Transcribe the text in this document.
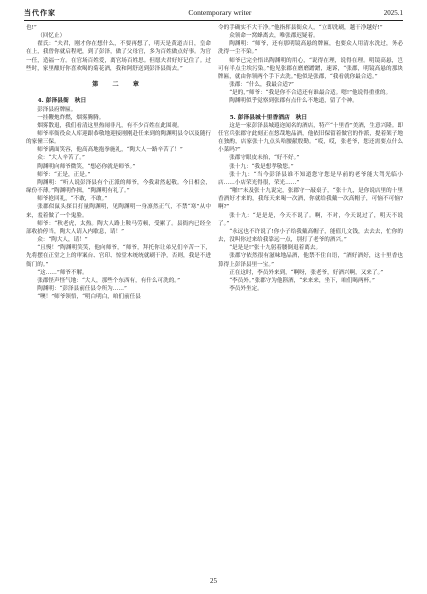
当代作家	Contemporary writer	2025.1

也!”

（回忆止）

翟氏：“夫君，刚才你在想什么，不要再想了，明天是黄道吉日，皇命在上，我曾你就启程吧，到了彭泽，做了父母官，多为百姓做点好事。为官一任，造福一方。在官场百姓爱，离官场百姓思。但愿夫君好好记住了。过些时，家里酿好你喜欢喝的菊花酒，我和阿舒送到彭泽县衙去。”

第 二 章
4. 彭泽县衙　秋日

彭泽县府牌匾。

一挂鞭炮炸燃，烟雾腾腾。

烟雾散退，我们看清这里热闹非凡，有不少百姓在此围观。

师爷率衙役众人库迎跟恭敬地迎接刚刚赴任来到的陶渊明县令以及随行的家僮三保。

师爷满面笑容，他高高地抱拳施礼，“陶大人一路辛苦了！”

众：“大人辛苦了。”

陶渊明向师爷微笑，“想必你就是师爷。”

师爷：“正是，正是。”

陶渊明：“听人说彭泽县有个正派的师爷，今我肃然起敬。今日相会，缘份不薄。”陶渊明作揖，“陶渊明有礼了。”

师爷抢回礼，“不敢，不敢。”

张郡似鼠头探目打量陶渊明，见陶渊明一身凛然正气，不禁“寒”从中来，羞着做了一个鬼脸。

师爷：“秋老虎，太热。陶大人路上鞍马劳顿，受累了。县衙内已经全部收拾停当，陶大人请入内歇息，请！”

众：“陶大人，请！”

“且慢！”陶渊明笑笑，他向师爷，“师爷，拜托你让弟兄们辛苦一下，先将摆在正堂之上的审案台、官印、惊堂木统统就刷干净，否则，我是不进衙门的。”

“这……”师爷不解。

张郡怪声怪气地：“大人，那些个东西有，有什么可洗的。”

陶渊明：“彭泽县前任县令所为……”

“噢！”师爷领悟，“明白明白，咱们前任县

令的手确实不大干净。”他指挥县衙众人，“立即洗刷，越干净越好!”

众领命一窝蜂离去，唯张郡迟疑着。

陶渊明：“师爷，还有那明镜高悬的牌匾，也要众人用清水洗过，务必洗得一尘不染。”

师爷已完全悟出陶渊明的用心，“说得在理，说得在理。明镜高悬，岂可有半点尘埃污染。”他见张郡在磨磨蹭蹭，速诉，“张郡，明镜高悬的那块牌匾，就由你领两个手下去洗。”他似是张郡，“我看就你最合适。”

张郡：“什么，我最合适?”

“是的，”师爷：“我是你不合适还有谁最合适。嗯!”他说得重重的。

陶渊明似乎觉察到张郡有点什么不地道，留了个神。

5. 彭泽县城十里香酒店　秋日

这是一家彭泽县城遐迩闻名的酒店，特产“十里香”美酒，生意兴隆。即任官兵张郡守此刻正在悠哉地品酒，他依旧保留着做官的作派，提着架子地在独酌，店家张十九点头哈腰献殷勤。“哎，哎，张老爷，您还需要点什么小菜吗?”

张郡守眼皮未抬，“好不好。”

张十九：“我是想孝敬您。”

张十九：“当今彭泽县谁不知道您守您是早前的老爷能大驾光临小店……小店荣光得很，荣光……”

“啪!”未及张十九说完，张郡守一敲桌子，“张十九，是你说店里的十里香酒好才来的，我每天来喝一次酒，你就给我戴一次高帽子，可恼不可恼?啊?”

张十九：“是是是，今天不说了。啊，不对，今天说过了，明天不说了。”

“永远也不许说了!你小子给我戴高帽子，能值几文钱，去去去，忙你的去，没叫你过来给我靠远一点，别打了老爷的酒兴。”

“是是是!”张十九躬着腰倒退着离去。

张郡守依然很有滋味地品酒，他禁不住自语，“酒好酒好，这十里香也算得上彭泽县里一宝。”

正在这时，李员外来到，“啊呀，张老爷，好酒兴啊，又来了。”

“李员外。”张郡守为他斟酒，“来来来，坐下，咱们喝两杯。”

李员外坐定。

25
